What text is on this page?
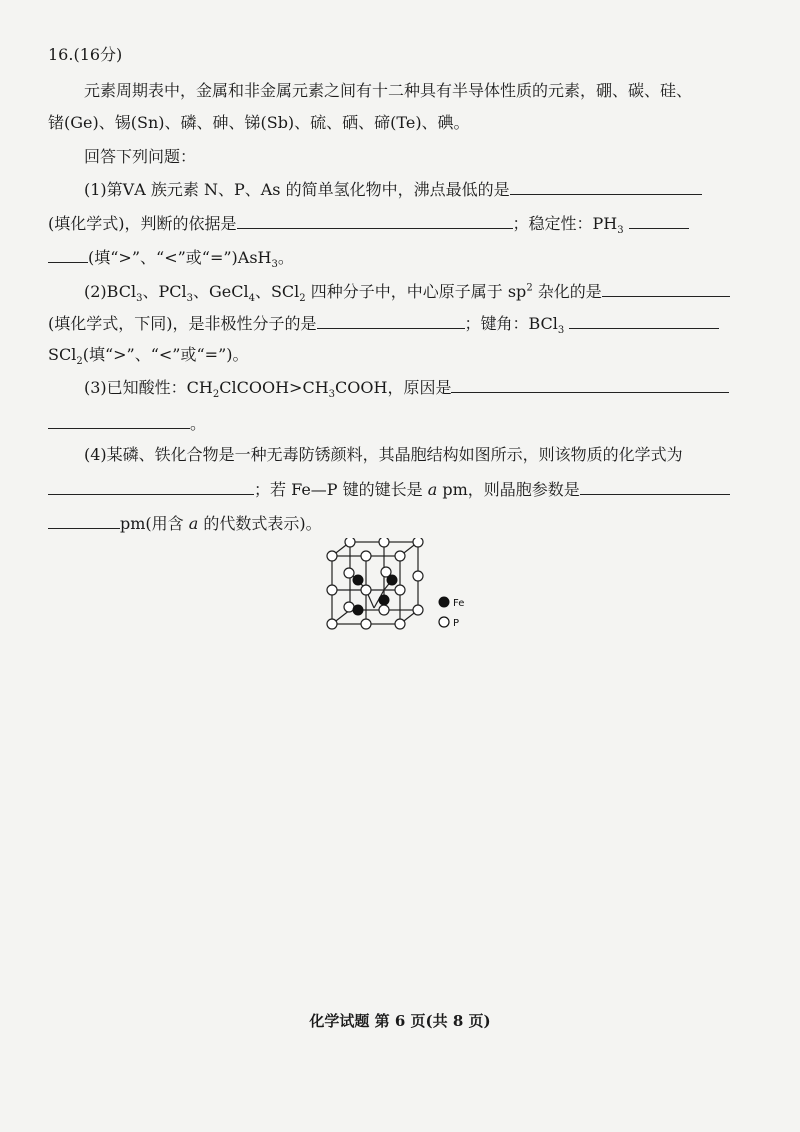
16.(16分)
元素周期表中，金属和非金属元素之间有十二种具有半导体性质的元素，硼、碳、硅、
锗(Ge)、锡(Sn)、磷、砷、锑(Sb)、硫、硒、碲(Te)、碘。
回答下列问题：
(1)第ⅤA 族元素 N、P、As 的简单氢化物中，沸点最低的是
(填化学式)，判断的依据是	；稳定性：$PH_3$
(填“>”、“<”或“=”)AsH$_3$。
(2)BCl$_3$、PCl$_3$、GeCl$_4$、SCl$_2$ 四种分子中，中心原子属于 $sp^2$ 杂化的是
(填化学式，下同)，是非极性分子的是	；键角：BCl$_3$
SCl$_2$(填“>”、“<”或“=”)。
(3)已知酸性：$CH_2ClCOOH>CH_3COOH$，原因是
。
(4)某磷、铁化合物是一种无毒防锈颜料，其晶胞结构如图所示，则该物质的化学式为
；若 Fe—P 键的键长是 a pm，则晶胞参数是
pm(用含 a 的代数式表示)。
Fe
P
化学试题 第 6 页(共 8 页)
